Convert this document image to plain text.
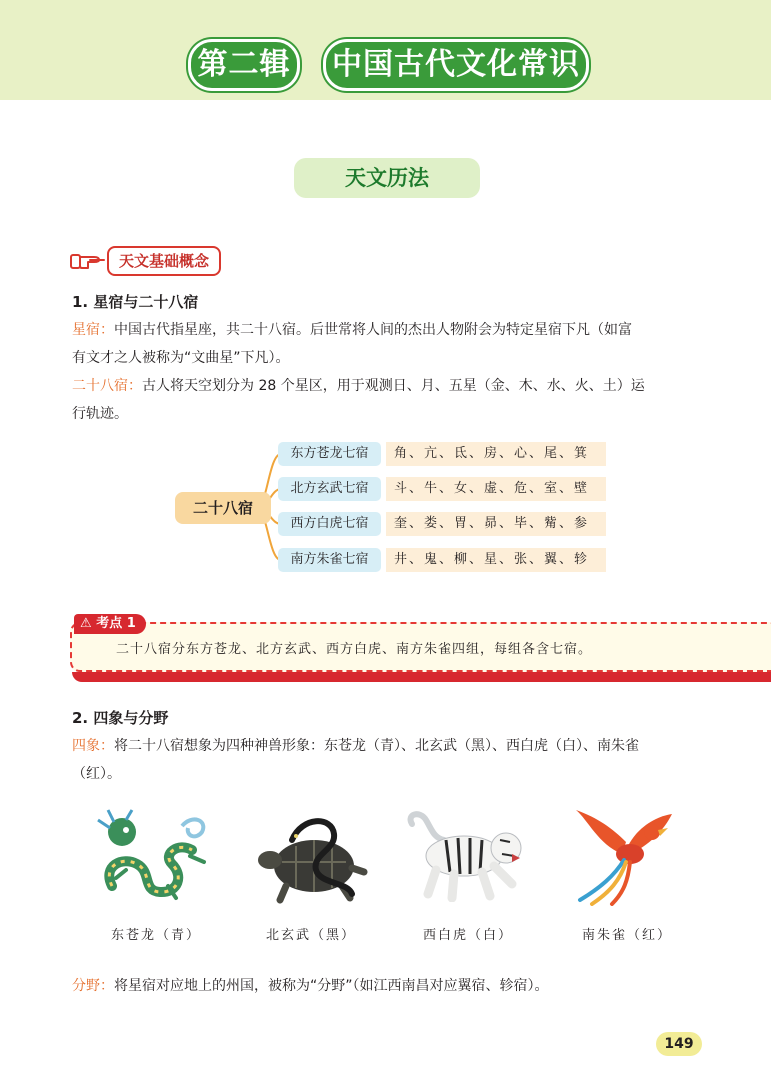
第二辑	中国古代文化常识
天文历法
天文基础概念
1. 星宿与二十八宿
星宿：中国古代指星座，共二十八宿。后世常将人间的杰出人物附会为特定星宿下凡（如富
有文才之人被称为“文曲星”下凡）。
二十八宿：古人将天空划分为 28 个星区，用于观测日、月、五星（金、木、水、火、土）运
行轨迹。
二十八宿
东方苍龙七宿	角、亢、氐、房、心、尾、箕
北方玄武七宿	斗、牛、女、虚、危、室、壁
西方白虎七宿	奎、娄、胃、昴、毕、觜、参
南方朱雀七宿	井、鬼、柳、星、张、翼、轸
⚠ 考点 1
二十八宿分东方苍龙、北方玄武、西方白虎、南方朱雀四组，每组各含七宿。
2. 四象与分野
四象：将二十八宿想象为四种神兽形象：东苍龙（青）、北玄武（黑）、西白虎（白）、南朱雀
（红）。
东苍龙（青）	北玄武（黑）	西白虎（白）	南朱雀（红）
分野：将星宿对应地上的州国，被称为“分野”（如江西南昌对应翼宿、轸宿）。
149
